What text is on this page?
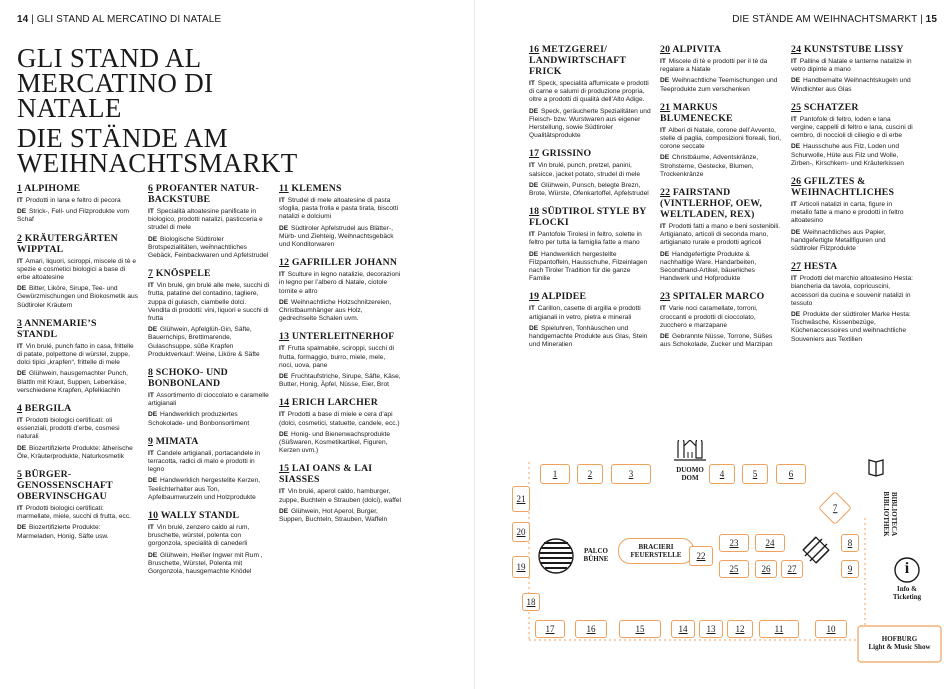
14 | GLI STAND AL MERCATINO DI NATALE	DIE STÄNDE AM WEIHNACHTSMARKT | 15
GLI STAND AL
MERCATINO DI NATALE
DIE STÄNDE AM
WEIHNACHTSMARKT
1 ALPIHOME
IT Prodotti in lana e feltro di pecora
DE Strick-, Fell- und Filzprodukte vom Schaf
2 KRÄUTERGÄRTEN WIPPTAL
IT Amari, liquori, sciroppi, miscele di tè e spezie e cosmetici biologici a base di erbe altoatesine
DE Bitter, Liköre, Sirupe, Tee- und Gewürzmischungen und Biokosmetik aus Südtiroler Kräutern
3 ANNEMARIE’S STANDL
IT Vin brulé, punch fatto in casa, frittelle di patate, polpettone di würstel, zuppe, dolci tipici „krapfen“, frittelle di mele
DE Glühwein, hausgemachter Punch, Blattln mit Kraut, Suppen, Leberkäse, verschiedene Krapfen, Apfelkiachln
4 BERGILA
IT Prodotti biologici certificati: oli essenziali, prodotti d’erbe, cosmesi naturali
DE Biozertifizierte Produkte: ätherische Öle, Kräuterprodukte, Naturkosmetik
5 BÜRGER-GENOSSENSCHAFT OBERVINSCHGAU
IT Prodotti biologici certificati: marmellate, miele, succhi di frutta, ecc.
DE Biozertifizierte Produkte: Marmeladen, Honig, Säfte usw.
6 PROFANTER NATUR-BACKSTUBE
IT Specialità altoatesine panificate in biologico, prodotti natalizi, pasticceria e strudel di mele
DE Biologische Südtiroler Brotspezialitäten, weihnachtliches Gebäck, Feinbackwaren und Apfelstrudel
7 KNÖSPELE
IT Vin brulé, gin brulé alle mele, succhi di frutta, patatine del contadino, tagliere, zuppa di gulasch, ciambelle dolci. Vendita di prodotti: vini, liquori e succhi di frutta
DE Glühwein, Apfelglüh-Gin, Säfte, Bauernchips, Brettlmarende, Gulaschsuppe, süße Krapfen Produktverkauf: Weine, Liköre & Säfte
8 SCHOKO- UND BONBONLAND
IT Assortimento di cioccolato e caramelle artigianali
DE Handwerklich produziertes Schokolade- und Bonbonsortiment
9 MIMATA
IT Candele artigianali, portacandele in terracotta, radici di malo e prodotti in legno
DE Handwerklich hergestellte Kerzen, Teelichterhalter aus Ton, Apfelbaumwurzeln und Holzprodukte
10 WALLY STANDL
IT Vin brulé, zenzero caldo al rum, bruschette, würstel, polenta con gorgonzola, specialità di canederli
DE Glühwein, Heißer Ingwer mit Rum , Bruschette, Würstel, Polenta mit Gorgonzola, hausgemachte Knödel
11 KLEMENS
IT Strudel di mele altoatesine di pasta sfoglia, pasta frolla e pasta tirata, biscotti natalizi e dolciumi
DE Südtiroler Apfelstrudel aus Blätter-, Mürb- und Ziehteig, Weihnachtsgebäck und Konditorwaren
12 GAFRILLER JOHANN
IT Sculture in legno natalizie, decorazioni in legno per l’albero di Natale, ciotole tornite e altro
DE Weihnachtliche Holzschnitzereien, Christbaumhänger aus Holz, gedrechselte Schalen uvm.
13 UNTERLEITNERHOF
IT Frutta spalmabile, sciroppi, succhi di frutta, formaggio, burro, miele, mele, noci, uova, pane
DE Fruchtaufstriche, Sirupe, Säfte, Käse, Butter, Honig, Äpfel, Nüsse, Eier, Brot
14 ERICH LARCHER
IT Prodotti a base di miele e cera d’api (dolci, cosmetici, statuette, candele, ecc.)
DE Honig- und Bienenwachsprodukte (Süßwaren, Kosmetikartikel, Figuren, Kerzen uvm.)
15 LAI OANS & LAI SIASSES
IT Vin brulé, aperol caldo, hamburger, zuppe, Buchteln e Strauben (dolci), waffel
DE Glühwein, Hot Aperol, Burger, Suppen, Buchteln, Strauben, Waffeln
16 METZGEREI/ LANDWIRTSCHAFT FRICK
IT Speck, specialità affumicate e prodotti di carne e salumi di produzione propria, oltre a prodotti di qualità dell’Alto Adige.
DE Speck, geräucherte Spezialitäten und Fleisch- bzw. Wurstwaren aus eigener Herstellung, sowie Südtiroler Qualitätsprodukte
17 GRISSINO
IT Vin brulé, punch, pretzel, panini, salsicce, jacket potato, strudel di mele
DE Glühwein, Punsch, belegte Brezn, Brote, Würste, Ofenkartoffel, Apfelstrudel
18 SÜDTIROL STYLE BY FLOCKI
IT Pantofole Tirolesi in feltro, solette in feltro per tutta la famiglia fatte a mano
DE Handwerklich hergestellte Filzpantoffeln, Hausschuhe, Filzeinlagen nach Tiroler Tradition für die ganze Familie
19 ALPIDEE
IT Carillon, casette di argilla e prodotti artigianali in vetro, pietra e minerali
DE Spieluhren, Tonhäuschen und handgemachte Produkte aus Glas, Stein und Mineralien
20 ALPIVITA
IT Miscele di tè e prodotti per il tè da regalare a Natale
DE Weihnachtliche Teemischungen und Teeprodukte zum verschenken
21 MARKUS BLUMENECKE
IT Alberi di Natale, corone dell’Avvento, stelle di paglia, composizioni floreali, fiori, corone seccate
DE Christbäume, Adventskränze, Strohsterne, Gestecke, Blumen, Trockenkränze
22 FAIRSTAND (VINTLERHOF, OEW, WELTLADEN, REX)
IT Prodotti fatti a mano e beni sostenibili. Artigianato, articoli di seconda mano, artigianato rurale e prodotti agricoli
DE Handgefertigte Produkte & nachhaltige Ware. Handarbeiten, Secondhand-Artikel, bäuerliches Handwerk und Hofprodukte
23 SPITALER MARCO
IT Varie noci caramellate, torroni, croccanti e prodotti di cioccolato, zucchero e marzapane
DE Gebrannte Nüsse, Torrone, Süßes aus Schokolade, Zucker und Marzipan
24 KUNSTSTUBE LISSY
IT Palline di Natale e lanterne natalizie in vetro dipinte a mano
DE Handbemalte Weihnachtskugeln und Windlichter aus Glas
25 SCHATZER
IT Pantofole di feltro, loden e lana vergine, cappelli di feltro e lana, cuscini di cembro, di noccioli di ciliegio e di erbe
DE Hausschuhe aus Filz, Loden und Schurwolle, Hüte aus Filz und Wolle, Zirben-, Kirschkern- und Kräuterkissen
26 GFILZTES & WEIHNACHTLICHES
IT Articoli natalizi in carta, figure in metallo fatte a mano e prodotti in feltro altoatesino
DE Weihnachtliches aus Papier, handgefertigte Metallfiguren und südtiroler Filzprodukte
27 HESTA
IT Prodotti del marchio altoatesino Hesta: biancheria da tavola, copricuscini, accessori da cucina e souvenir natalizi in tessuto
DE Produkte der südtiroler Marke Hesta: Tischwäsche, Kissenbezüge, Küchenaccessoires und weihnachtliche Souveniers aus Textilien
DUOMO
DOM
PALCO
BÜHNE
BRACIERI
FEUERSTELLE
BIBLIOTECA
BIBLIOTHEK
i
Info &
Ticketing
HOFBURG
Light & Music Show
1	2	3	4	5	6
7
8
9
10
11
12
13
14
15
16
17
18
19
20
21
22
23	24
25	26 27
